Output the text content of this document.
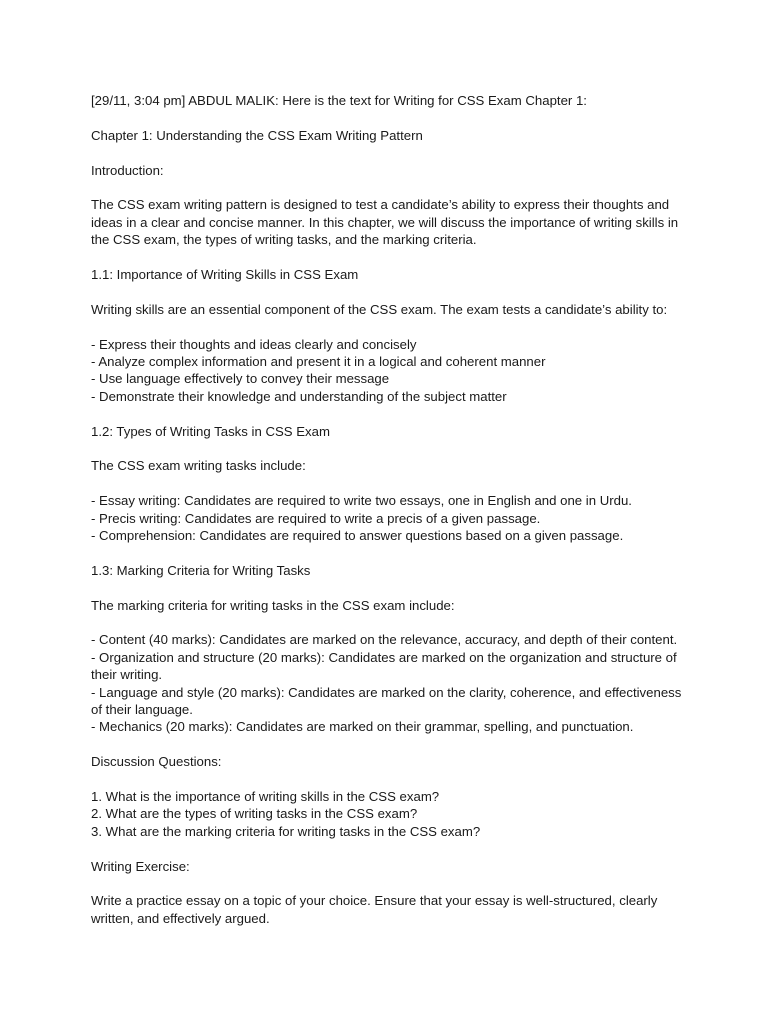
[29/11, 3:04 pm] ABDUL MALIK: Here is the text for Writing for CSS Exam Chapter 1:

Chapter 1: Understanding the CSS Exam Writing Pattern

Introduction:

The CSS exam writing pattern is designed to test a candidate’s ability to express their thoughts and ideas in a clear and concise manner. In this chapter, we will discuss the importance of writing skills in the CSS exam, the types of writing tasks, and the marking criteria.

1.1: Importance of Writing Skills in CSS Exam

Writing skills are an essential component of the CSS exam. The exam tests a candidate’s ability to:

- Express their thoughts and ideas clearly and concisely
- Analyze complex information and present it in a logical and coherent manner
- Use language effectively to convey their message
- Demonstrate their knowledge and understanding of the subject matter

1.2: Types of Writing Tasks in CSS Exam

The CSS exam writing tasks include:

- Essay writing: Candidates are required to write two essays, one in English and one in Urdu.
- Precis writing: Candidates are required to write a precis of a given passage.
- Comprehension: Candidates are required to answer questions based on a given passage.

1.3: Marking Criteria for Writing Tasks

The marking criteria for writing tasks in the CSS exam include:

- Content (40 marks): Candidates are marked on the relevance, accuracy, and depth of their content.
- Organization and structure (20 marks): Candidates are marked on the organization and structure of their writing.
- Language and style (20 marks): Candidates are marked on the clarity, coherence, and effectiveness of their language.
- Mechanics (20 marks): Candidates are marked on their grammar, spelling, and punctuation.

Discussion Questions:

1. What is the importance of writing skills in the CSS exam?
2. What are the types of writing tasks in the CSS exam?
3. What are the marking criteria for writing tasks in the CSS exam?

Writing Exercise:

Write a practice essay on a topic of your choice. Ensure that your essay is well-structured, clearly written, and effectively argued.
